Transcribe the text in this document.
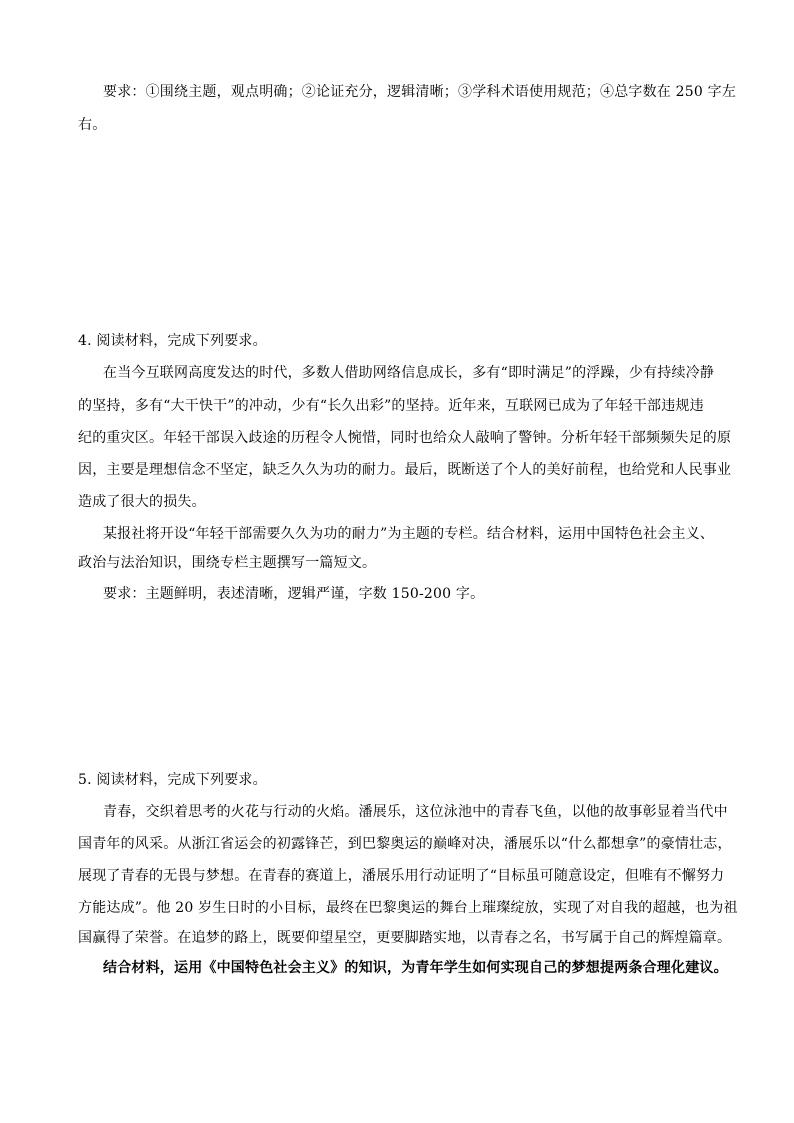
要求：①围绕主题，观点明确；②论证充分，逻辑清晰；③学科术语使用规范；④总字数在 250 字左
右。
4. 阅读材料，完成下列要求。
在当今互联网高度发达的时代，多数人借助网络信息成长，多有“即时满足”的浮躁，少有持续冷静
的坚持，多有“大干快干”的冲动，少有“长久出彩”的坚持。近年来，互联网已成为了年轻干部违规违
纪的重灾区。年轻干部误入歧途的历程令人惋惜，同时也给众人敲响了警钟。分析年轻干部频频失足的原
因，主要是理想信念不坚定，缺乏久久为功的耐力。最后，既断送了个人的美好前程，也给党和人民事业
造成了很大的损失。
某报社将开设“年轻干部需要久久为功的耐力”为主题的专栏。结合材料，运用中国特色社会主义、
政治与法治知识，围绕专栏主题撰写一篇短文。
要求：主题鲜明，表述清晰，逻辑严谨，字数 150-200 字。
5. 阅读材料，完成下列要求。
青春，交织着思考的火花与行动的火焰。潘展乐，这位泳池中的青春飞鱼，以他的故事彰显着当代中
国青年的风采。从浙江省运会的初露锋芒，到巴黎奥运的巅峰对决，潘展乐以“什么都想拿”的豪情壮志，
展现了青春的无畏与梦想。在青春的赛道上，潘展乐用行动证明了“目标虽可随意设定，但唯有不懈努力
方能达成”。他 20 岁生日时的小目标，最终在巴黎奥运的舞台上璀璨绽放，实现了对自我的超越，也为祖
国赢得了荣誉。在追梦的路上，既要仰望星空，更要脚踏实地，以青春之名，书写属于自己的辉煌篇章。
结合材料，运用《中国特色社会主义》的知识，为青年学生如何实现自己的梦想提两条合理化建议。
